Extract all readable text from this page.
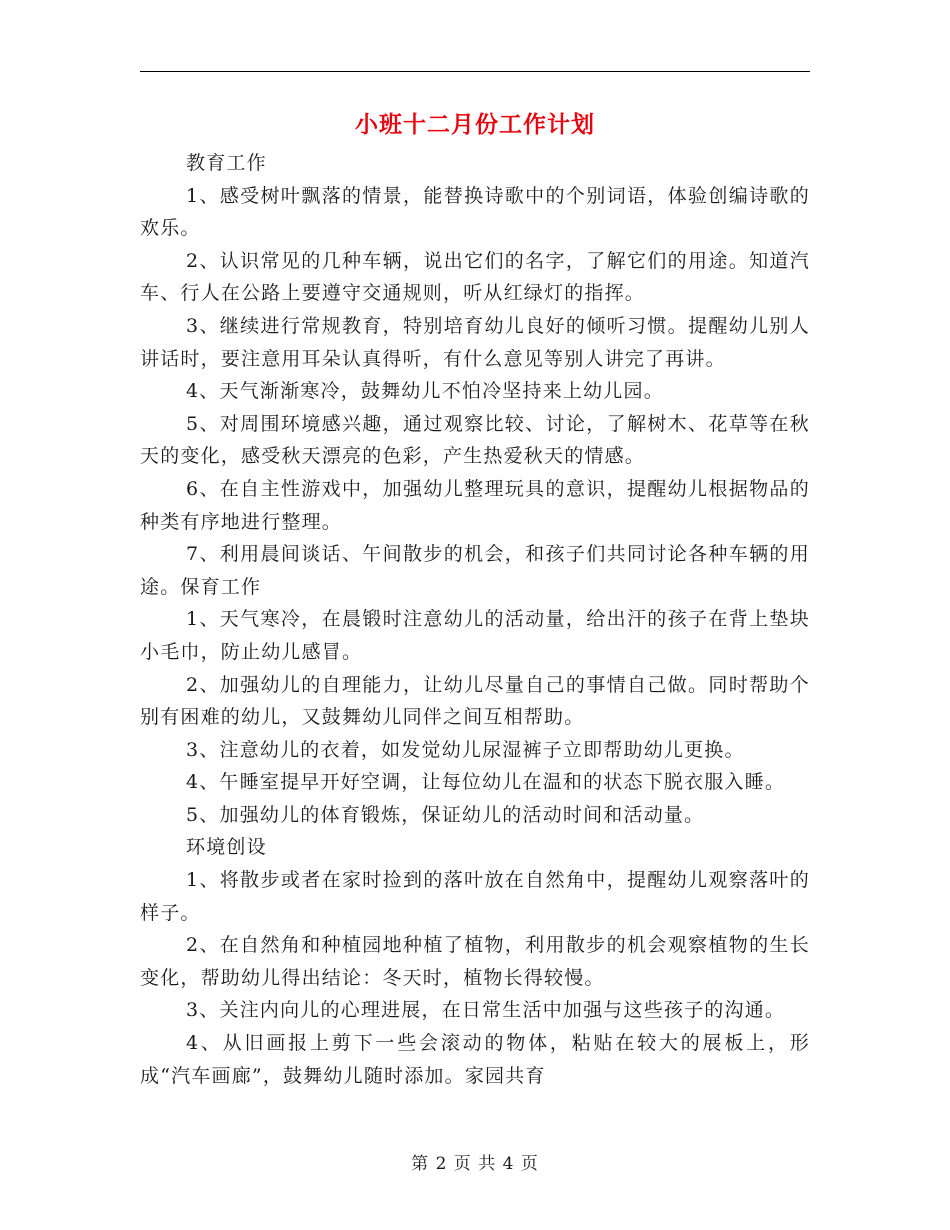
小班十二月份工作计划

教育工作

1、感受树叶飘落的情景，能替换诗歌中的个别词语，体验创编诗歌的欢乐。

2、认识常见的几种车辆，说出它们的名字，了解它们的用途。知道汽车、行人在公路上要遵守交通规则，听从红绿灯的指挥。

3、继续进行常规教育，特别培育幼儿良好的倾听习惯。提醒幼儿别人讲话时，要注意用耳朵认真得听，有什么意见等别人讲完了再讲。

4、天气渐渐寒冷，鼓舞幼儿不怕冷坚持来上幼儿园。

5、对周围环境感兴趣，通过观察比较、讨论，了解树木、花草等在秋天的变化，感受秋天漂亮的色彩，产生热爱秋天的情感。

6、在自主性游戏中，加强幼儿整理玩具的意识，提醒幼儿根据物品的种类有序地进行整理。

7、利用晨间谈话、午间散步的机会，和孩子们共同讨论各种车辆的用途。保育工作

1、天气寒冷，在晨锻时注意幼儿的活动量，给出汗的孩子在背上垫块小毛巾，防止幼儿感冒。

2、加强幼儿的自理能力，让幼儿尽量自己的事情自己做。同时帮助个别有困难的幼儿，又鼓舞幼儿同伴之间互相帮助。

3、注意幼儿的衣着，如发觉幼儿尿湿裤子立即帮助幼儿更换。

4、午睡室提早开好空调，让每位幼儿在温和的状态下脱衣服入睡。

5、加强幼儿的体育锻炼，保证幼儿的活动时间和活动量。

环境创设

1、将散步或者在家时捡到的落叶放在自然角中，提醒幼儿观察落叶的样子。

2、在自然角和种植园地种植了植物，利用散步的机会观察植物的生长变化，帮助幼儿得出结论：冬天时，植物长得较慢。

3、关注内向儿的心理进展，在日常生活中加强与这些孩子的沟通。

4、从旧画报上剪下一些会滚动的物体，粘贴在较大的展板上，形成“汽车画廊”，鼓舞幼儿随时添加。家园共育

第 2 页 共 4 页
